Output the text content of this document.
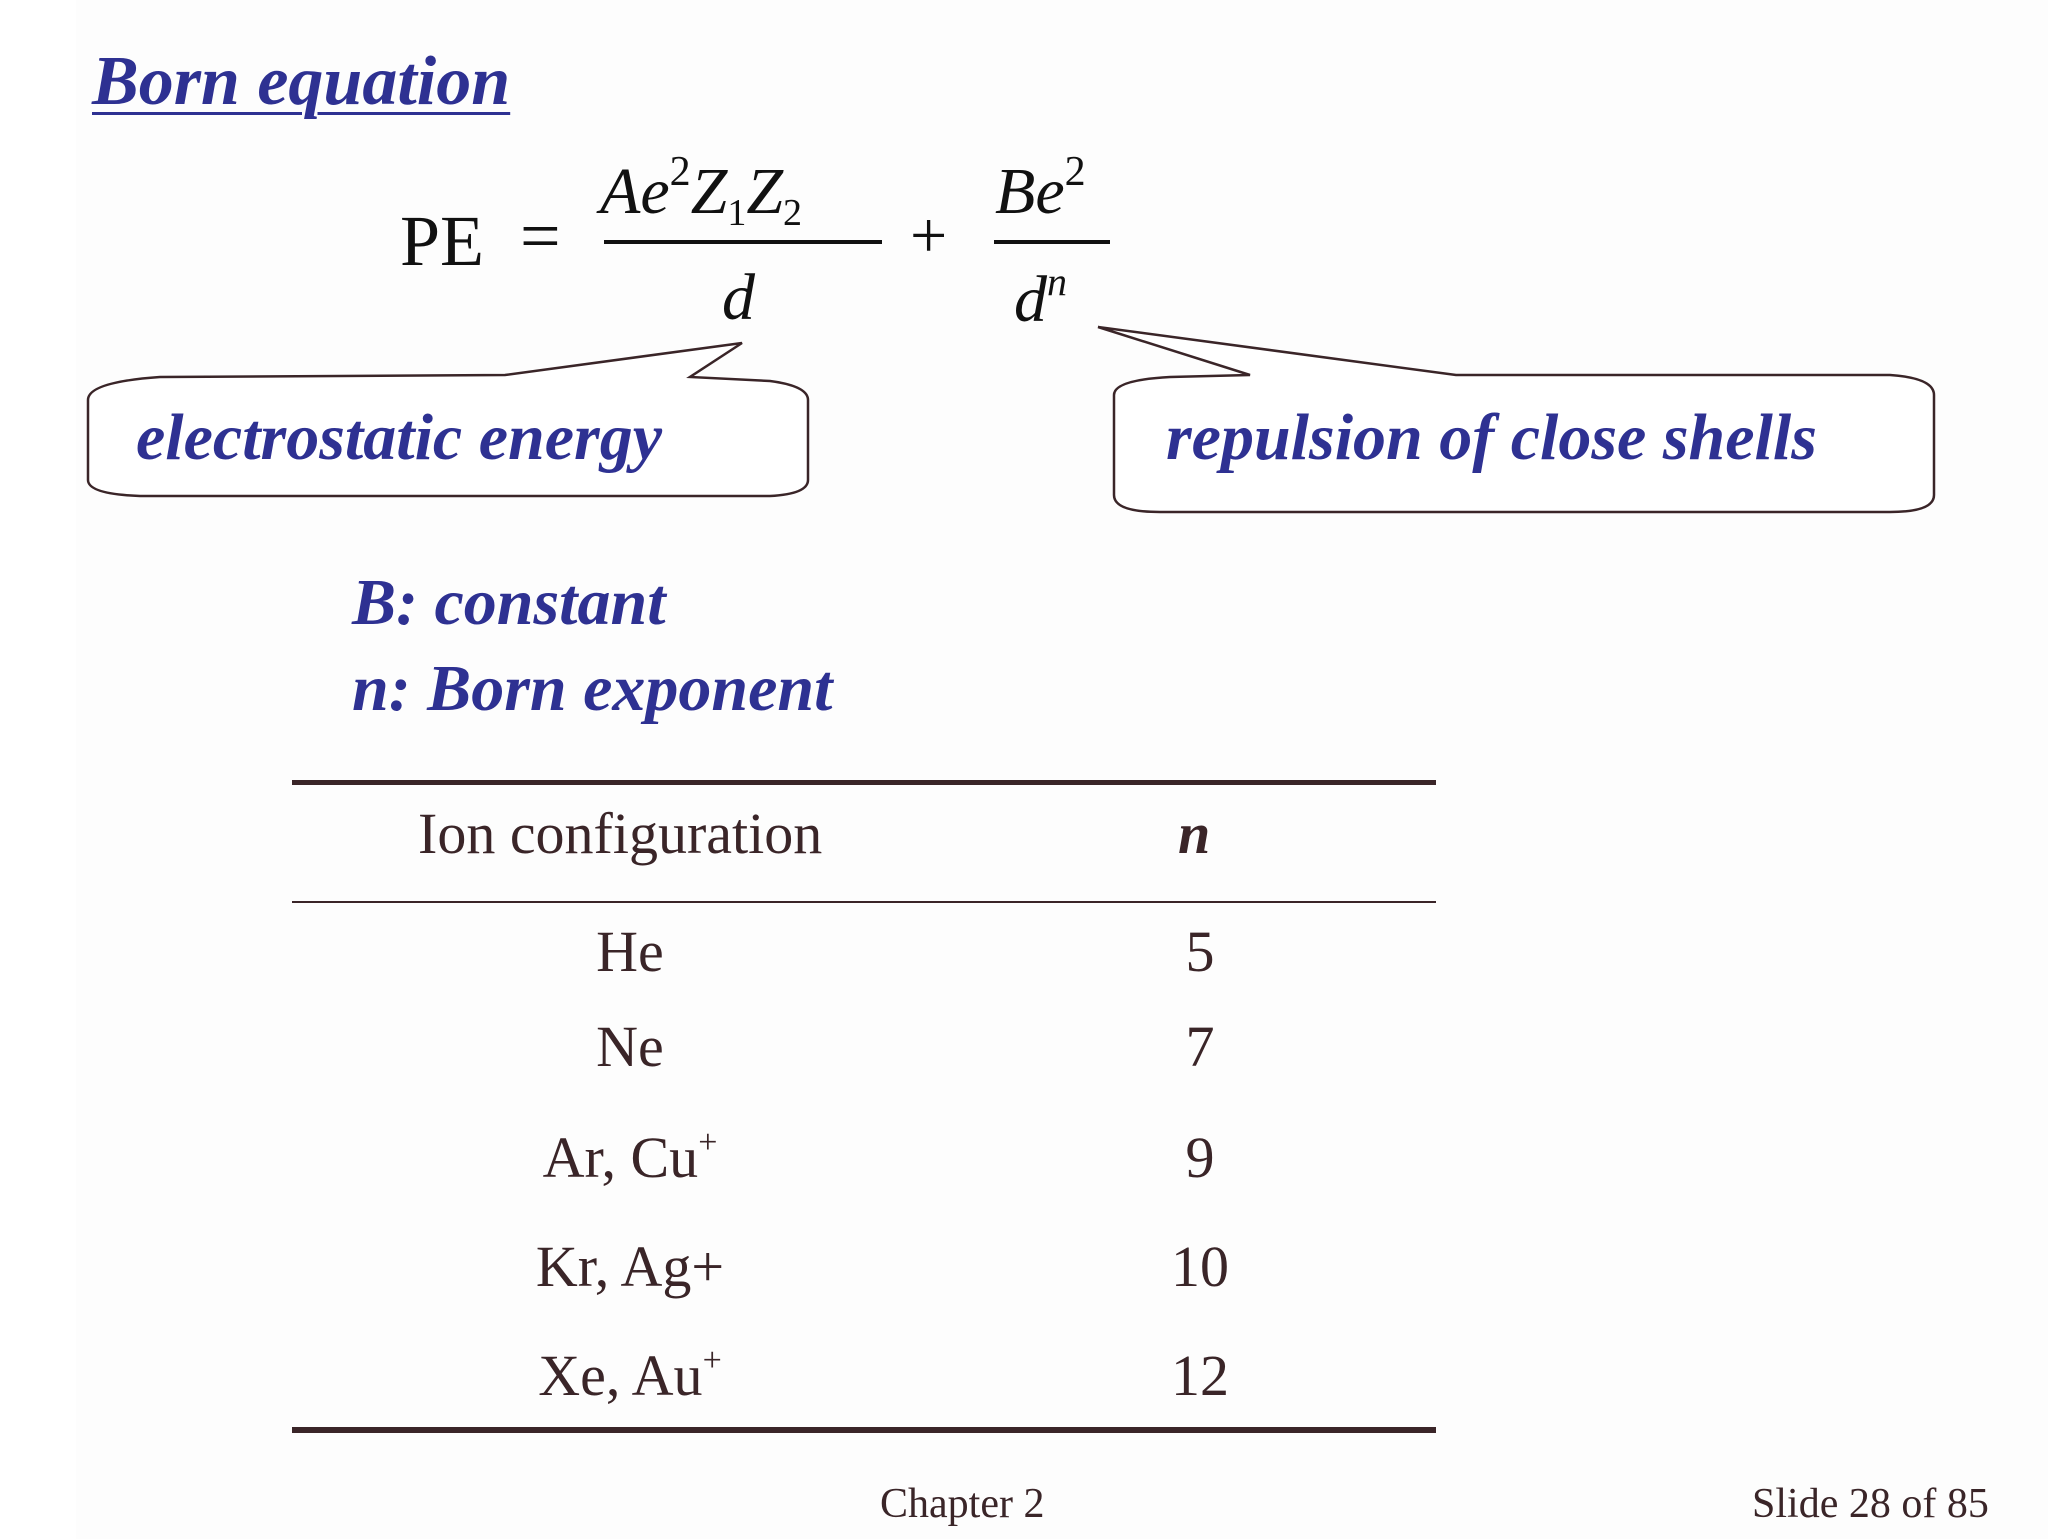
Born equation
PE =
$Ae^2Z_1Z_2$
d
+
$Be^2$
$d^n$
electrostatic energy	repulsion of close shells
B: constant
n: Born exponent
Ion configuration	n
He	5
Ne	7
Ar, Cu+	9
Kr, Ag+	10
Xe, Au+	12
Chapter 2	Slide 28 of 85
